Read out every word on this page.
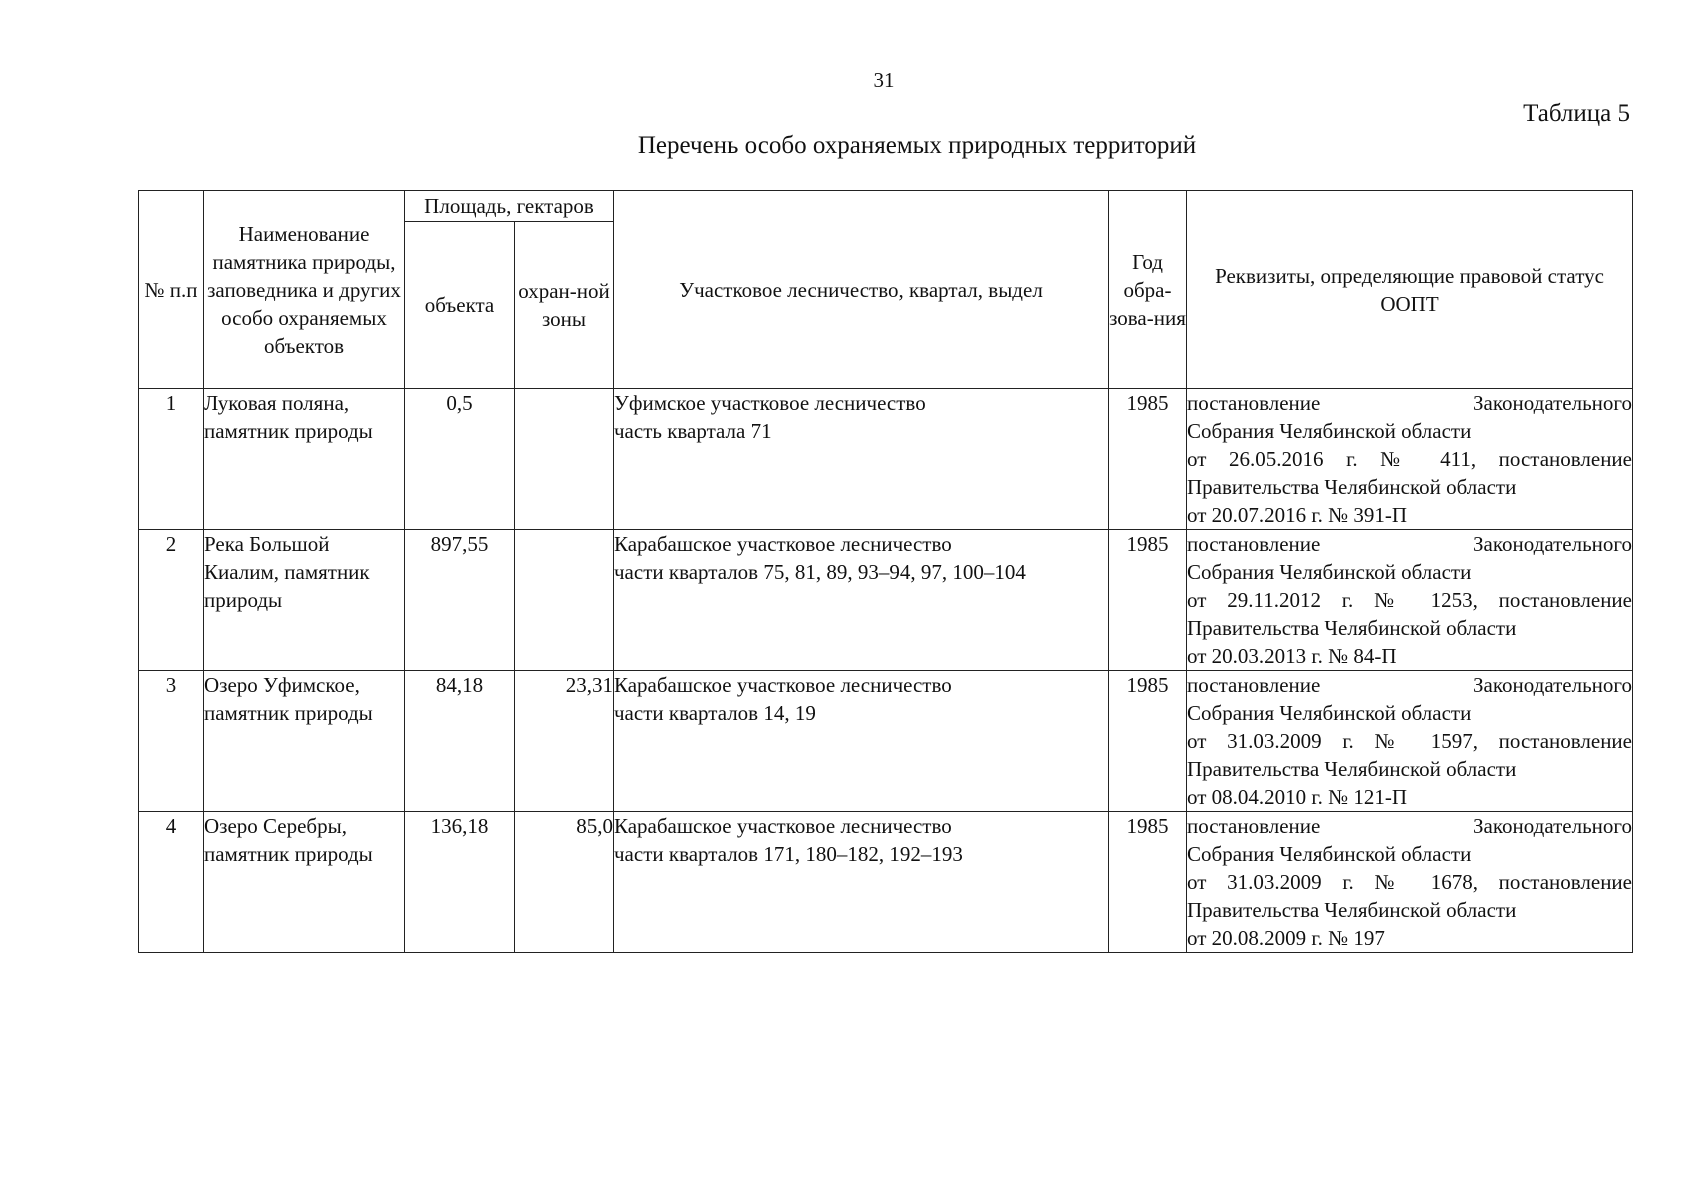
31
Таблица 5
Перечень особо охраняемых природных территорий
№ п.п	Наименование памятника природы, заповедника и других особо охраняемых объектов	Площадь, гектаров		Участковое лесничество, квартал, выдел	Год обра-зова-ния	Реквизиты, определяющие правовой статус ООПТ
		объекта	охран-ной зоны			
1	Луковая поляна, памятник природы	0,5		Уфимское участковое лесничество
часть квартала 71	1985	постановление Законодательного
Собрания Челябинской области
от 26.05.2016 г. № 411, постановление
Правительства Челябинской области
от 20.07.2016 г. № 391-П

2	Река Большой Киалим, памятник природы	897,55		Карабашское участковое лесничество
части кварталов 75, 81, 89, 93–94, 97, 100–104	1985	постановление Законодательного
Собрания Челябинской области
от 29.11.2012 г. № 1253, постановление
Правительства Челябинской области
от 20.03.2013 г. № 84-П

3	Озеро Уфимское, памятник природы	84,18	23,31	Карабашское участковое лесничество
части кварталов 14, 19	1985	постановление Законодательного
Собрания Челябинской области
от 31.03.2009 г. № 1597, постановление
Правительства Челябинской области
от 08.04.2010 г. № 121-П

4	Озеро Серебры, памятник природы	136,18	85,0	Карабашское участковое лесничество
части кварталов 171, 180–182, 192–193	1985	постановление Законодательного
Собрания Челябинской области
от 31.03.2009 г. № 1678, постановление
Правительства Челябинской области
от 20.08.2009 г. № 197
